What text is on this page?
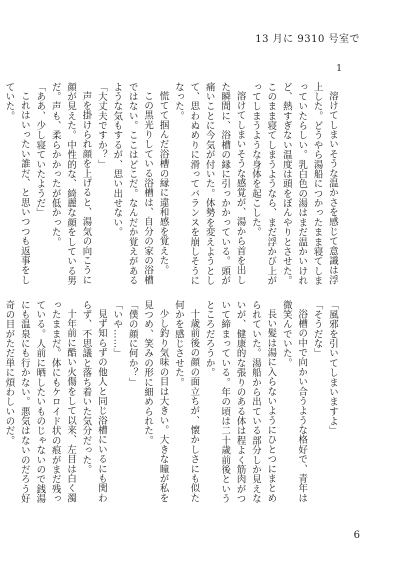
13 月に 9310 号室で
1

溶けてしまいそうな温かさを感じて意識は浮上した。どうやら湯船につかったまま寝てしまっていたらしい。乳白色の湯はまだ温かいけれど、熱すぎない温度は頭をぼんやりとさせた。このまま寝てしまうようなら、まだ浮かび上がってしまうような身体を起こした。

溶けてしまいそうな感覚が、湯から首を出した瞬間に、浴槽の縁に引っかかっている。頭が痛いことに今気が付いた。体勢を変えようとして、思わぬめりに滑ってバランスを崩しそうになった。

慌てて掴んだ浴槽の縁に違和感を覚えた。

この黒光りしている浴槽は、自分の家の浴槽ではない。ここはどこだ。なんだか覚えがあるような気もするが、思い出せない。

「大丈夫ですか？」

声を掛けられ顔を上げると、湯気の向こうに顔が見えた。中性的な、綺麗な顔をしている男だ。声も、柔らかかったが低かった。

「ああ、少し寝ていたようだ」

これはいったい誰だ、と思いつつも返事をしていた。

「風邪を引いてしまいますよ」

「そうだな」

浴槽の中で向かい合うような格好で、青年は微笑んでいた。

長い髪は湯に入らないようにひとつにまとめられていた。湯船から出ている部分しか見えないが、健康的な張りのある体は程よく筋肉がついて締まっている。年の頃は二十歳前後というところだろうか。

十歳前後の顔の面立ちが、懐かしさにも似た何かを感じさせた。

少し釣り気味の目は大きい。大きな瞳が私を見つめ、笑みの形に細められた。

「僕の顔に何か？」

「いや……」

見ず知らずの他人と同じ浴槽にいるにも関わらず、不思議と落ち着いた気分だった。

十年前に酷い火傷をして以来、左目は白く濁ったままだ。体にもケロイド状の痕がまだ残っている。人前に晒したいものじゃないので銭湯にも温泉にも行かない。悪気はないのだろう好奇の目がただ単に煩わしいのだ。

6
